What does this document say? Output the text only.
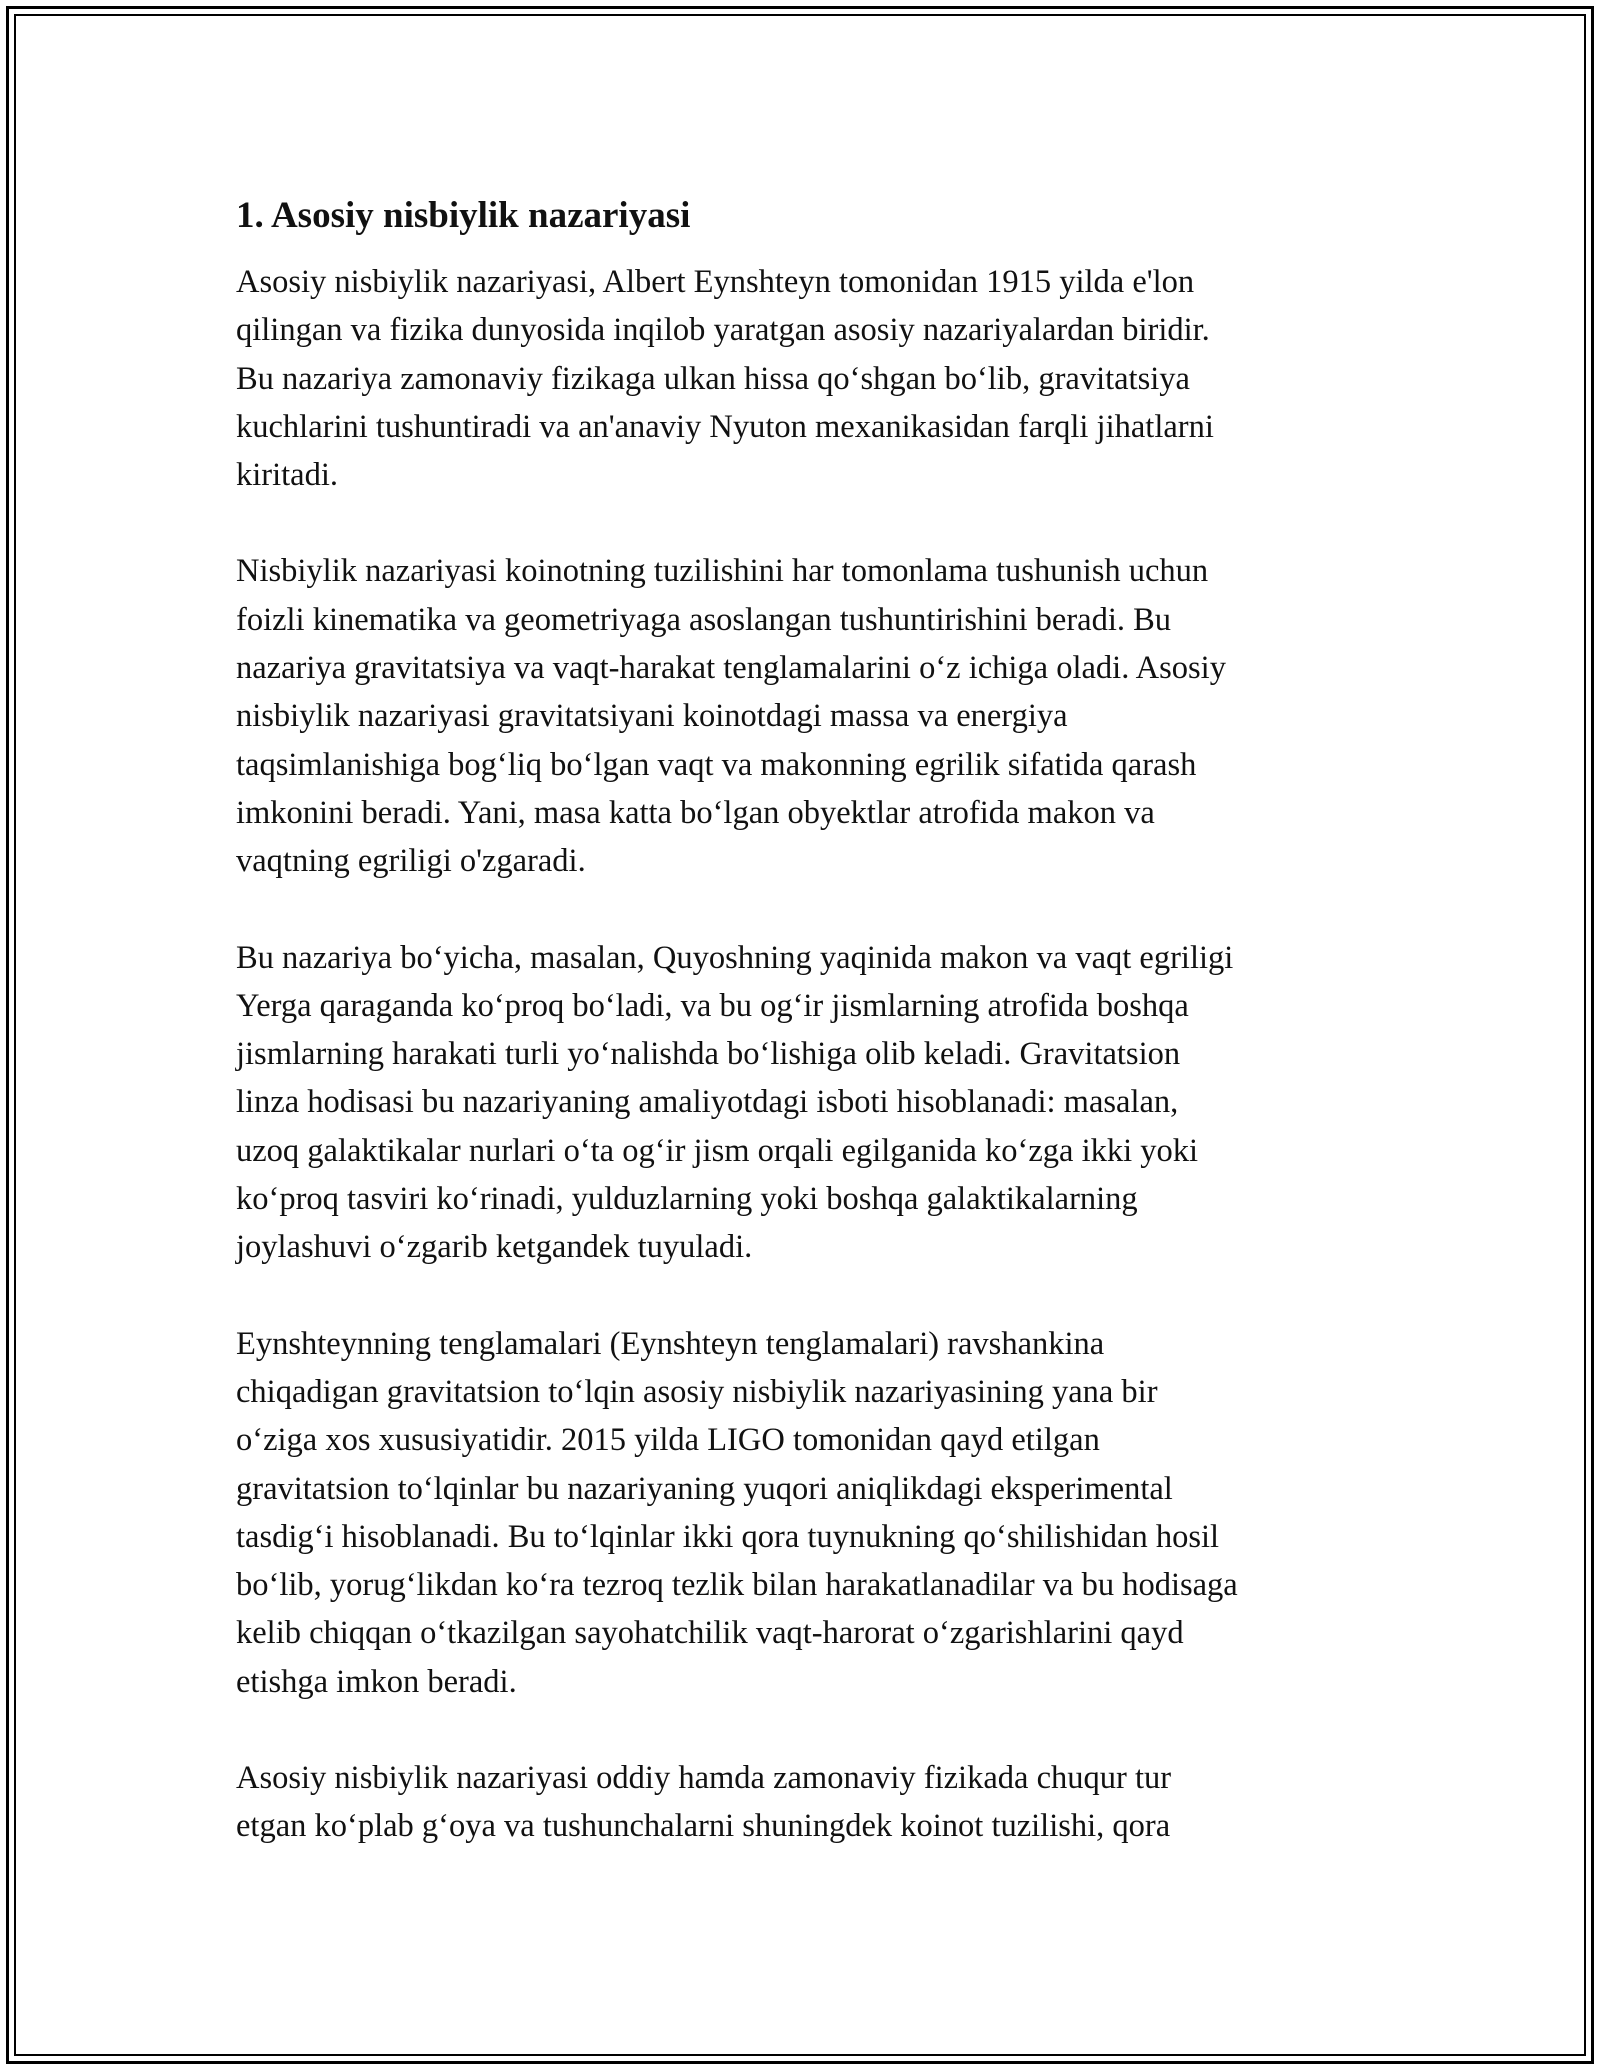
1. Asosiy nisbiylik nazariyasi

Asosiy nisbiylik nazariyasi, Albert Eynshteyn tomonidan 1915 yilda e'lon
qilingan va fizika dunyosida inqilob yaratgan asosiy nazariyalardan biridir.
Bu nazariya zamonaviy fizikaga ulkan hissa qo‘shgan bo‘lib, gravitatsiya
kuchlarini tushuntiradi va an'anaviy Nyuton mexanikasidan farqli jihatlarni
kiritadi.

Nisbiylik nazariyasi koinotning tuzilishini har tomonlama tushunish uchun
foizli kinematika va geometriyaga asoslangan tushuntirishini beradi. Bu
nazariya gravitatsiya va vaqt-harakat tenglamalarini o‘z ichiga oladi. Asosiy
nisbiylik nazariyasi gravitatsiyani koinotdagi massa va energiya
taqsimlanishiga bog‘liq bo‘lgan vaqt va makonning egrilik sifatida qarash
imkonini beradi. Yani, masa katta bo‘lgan obyektlar atrofida makon va
vaqtning egriligi o'zgaradi.

Bu nazariya bo‘yicha, masalan, Quyoshning yaqinida makon va vaqt egriligi
Yerga qaraganda ko‘proq bo‘ladi, va bu og‘ir jismlarning atrofida boshqa
jismlarning harakati turli yo‘nalishda bo‘lishiga olib keladi. Gravitatsion
linza hodisasi bu nazariyaning amaliyotdagi isboti hisoblanadi: masalan,
uzoq galaktikalar nurlari o‘ta og‘ir jism orqali egilganida ko‘zga ikki yoki
ko‘proq tasviri ko‘rinadi, yulduzlarning yoki boshqa galaktikalarning
joylashuvi o‘zgarib ketgandek tuyuladi.

Eynshteynning tenglamalari (Eynshteyn tenglamalari) ravshankina
chiqadigan gravitatsion to‘lqin asosiy nisbiylik nazariyasining yana bir
o‘ziga xos xususiyatidir. 2015 yilda LIGO tomonidan qayd etilgan
gravitatsion to‘lqinlar bu nazariyaning yuqori aniqlikdagi eksperimental
tasdig‘i hisoblanadi. Bu to‘lqinlar ikki qora tuynukning qo‘shilishidan hosil
bo‘lib, yorug‘likdan ko‘ra tezroq tezlik bilan harakatlanadilar va bu hodisaga
kelib chiqqan o‘tkazilgan sayohatchilik vaqt-harorat o‘zgarishlarini qayd
etishga imkon beradi.

Asosiy nisbiylik nazariyasi oddiy hamda zamonaviy fizikada chuqur tur
etgan ko‘plab g‘oya va tushunchalarni shuningdek koinot tuzilishi, qora
